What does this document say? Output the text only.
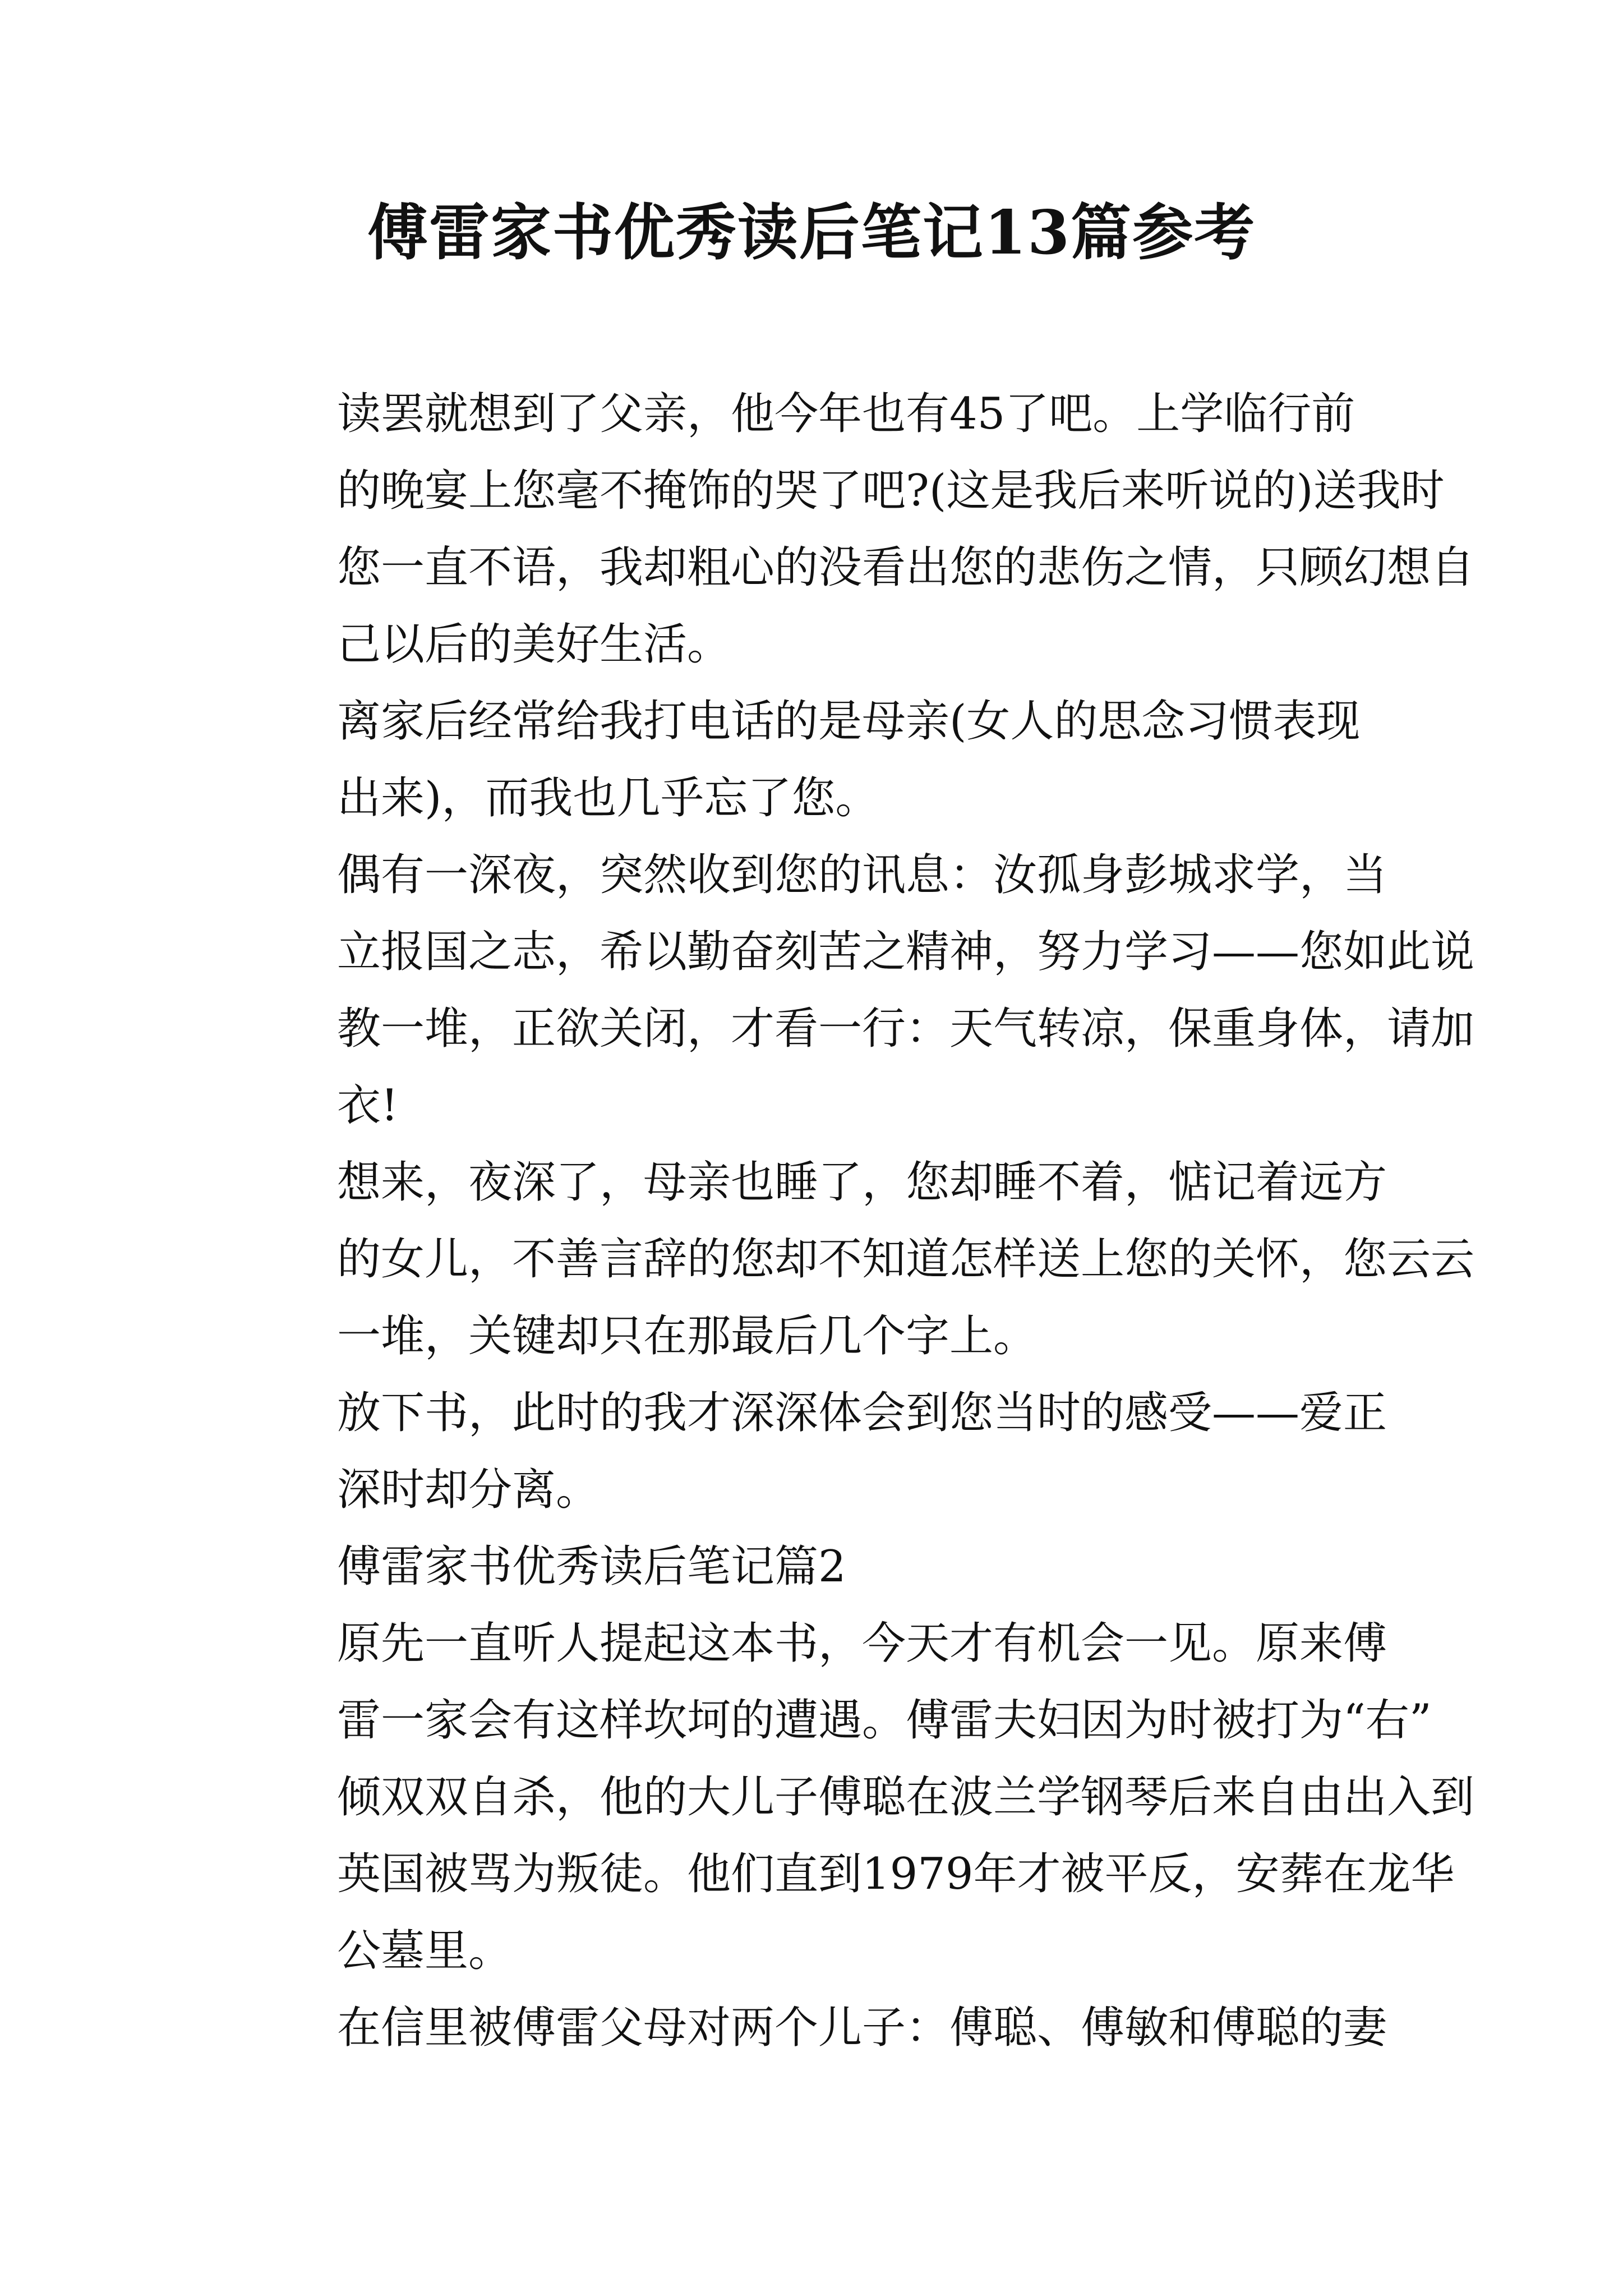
傅雷家书优秀读后笔记13篇参考

读罢就想到了父亲，他今年也有45了吧。上学临行前
的晚宴上您毫不掩饰的哭了吧?(这是我后来听说的)送我时
您一直不语，我却粗心的没看出您的悲伤之情，只顾幻想自
己以后的美好生活。

离家后经常给我打电话的是母亲(女人的思念习惯表现
出来)，而我也几乎忘了您。

偶有一深夜，突然收到您的讯息：汝孤身彭城求学，当
立报国之志，希以勤奋刻苦之精神，努力学习——您如此说
教一堆，正欲关闭，才看一行：天气转凉，保重身体，请加
衣!

想来，夜深了，母亲也睡了，您却睡不着，惦记着远方
的女儿，不善言辞的您却不知道怎样送上您的关怀，您云云
一堆，关键却只在那最后几个字上。

放下书，此时的我才深深体会到您当时的感受——爱正
深时却分离。

傅雷家书优秀读后笔记篇2

原先一直听人提起这本书，今天才有机会一见。原来傅
雷一家会有这样坎坷的遭遇。傅雷夫妇因为时被打为“右”
倾双双自杀，他的大儿子傅聪在波兰学钢琴后来自由出入到
英国被骂为叛徒。他们直到1979年才被平反，安葬在龙华
公墓里。

在信里被傅雷父母对两个儿子：傅聪、傅敏和傅聪的妻
